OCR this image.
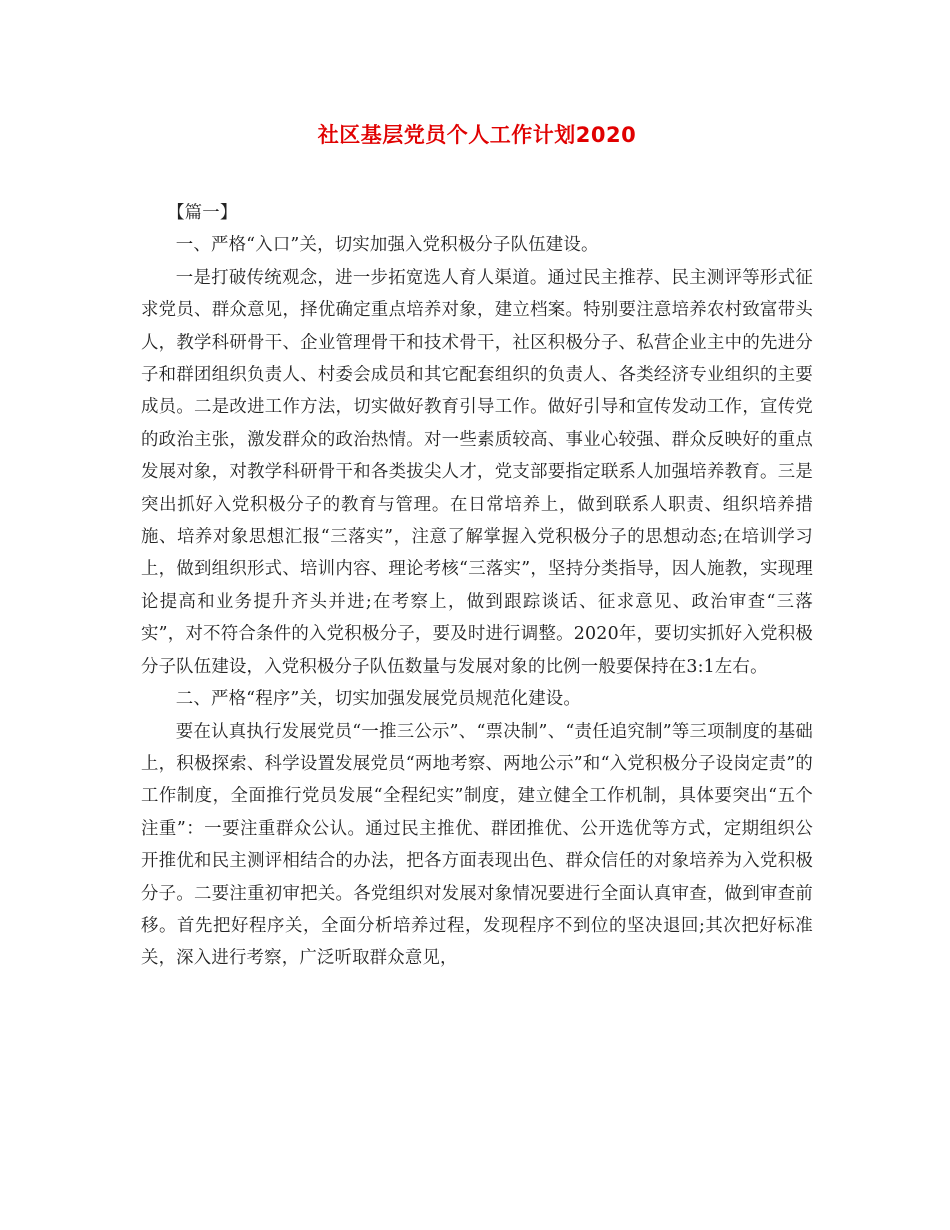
社区基层党员个人工作计划2020

【篇一】

一、严格“入口”关，切实加强入党积极分子队伍建设。

一是打破传统观念，进一步拓宽选人育人渠道。通过民主推荐、民主测评等形式征求党员、群众意见，择优确定重点培养对象，建立档案。特别要注意培养农村致富带头人，教学科研骨干、企业管理骨干和技术骨干，社区积极分子、私营企业主中的先进分子和群团组织负责人、村委会成员和其它配套组织的负责人、各类经济专业组织的主要成员。二是改进工作方法，切实做好教育引导工作。做好引导和宣传发动工作，宣传党的政治主张，激发群众的政治热情。对一些素质较高、事业心较强、群众反映好的重点发展对象，对教学科研骨干和各类拔尖人才，党支部要指定联系人加强培养教育。三是突出抓好入党积极分子的教育与管理。在日常培养上，做到联系人职责、组织培养措施、培养对象思想汇报“三落实”，注意了解掌握入党积极分子的思想动态;在培训学习上，做到组织形式、培训内容、理论考核“三落实”，坚持分类指导，因人施教，实现理论提高和业务提升齐头并进;在考察上，做到跟踪谈话、征求意见、政治审查“三落实”，对不符合条件的入党积极分子，要及时进行调整。2020年，要切实抓好入党积极分子队伍建设，入党积极分子队伍数量与发展对象的比例一般要保持在3:1左右。

二、严格“程序”关，切实加强发展党员规范化建设。

要在认真执行发展党员“一推三公示”、“票决制”、“责任追究制”等三项制度的基础上，积极探索、科学设置发展党员“两地考察、两地公示”和“入党积极分子设岗定责”的工作制度，全面推行党员发展“全程纪实”制度，建立健全工作机制，具体要突出“五个注重”：一要注重群众公认。通过民主推优、群团推优、公开选优等方式，定期组织公开推优和民主测评相结合的办法，把各方面表现出色、群众信任的对象培养为入党积极分子。二要注重初审把关。各党组织对发展对象情况要进行全面认真审查，做到审查前移。首先把好程序关，全面分析培养过程，发现程序不到位的坚决退回;其次把好标准关，深入进行考察，广泛听取群众意见，
